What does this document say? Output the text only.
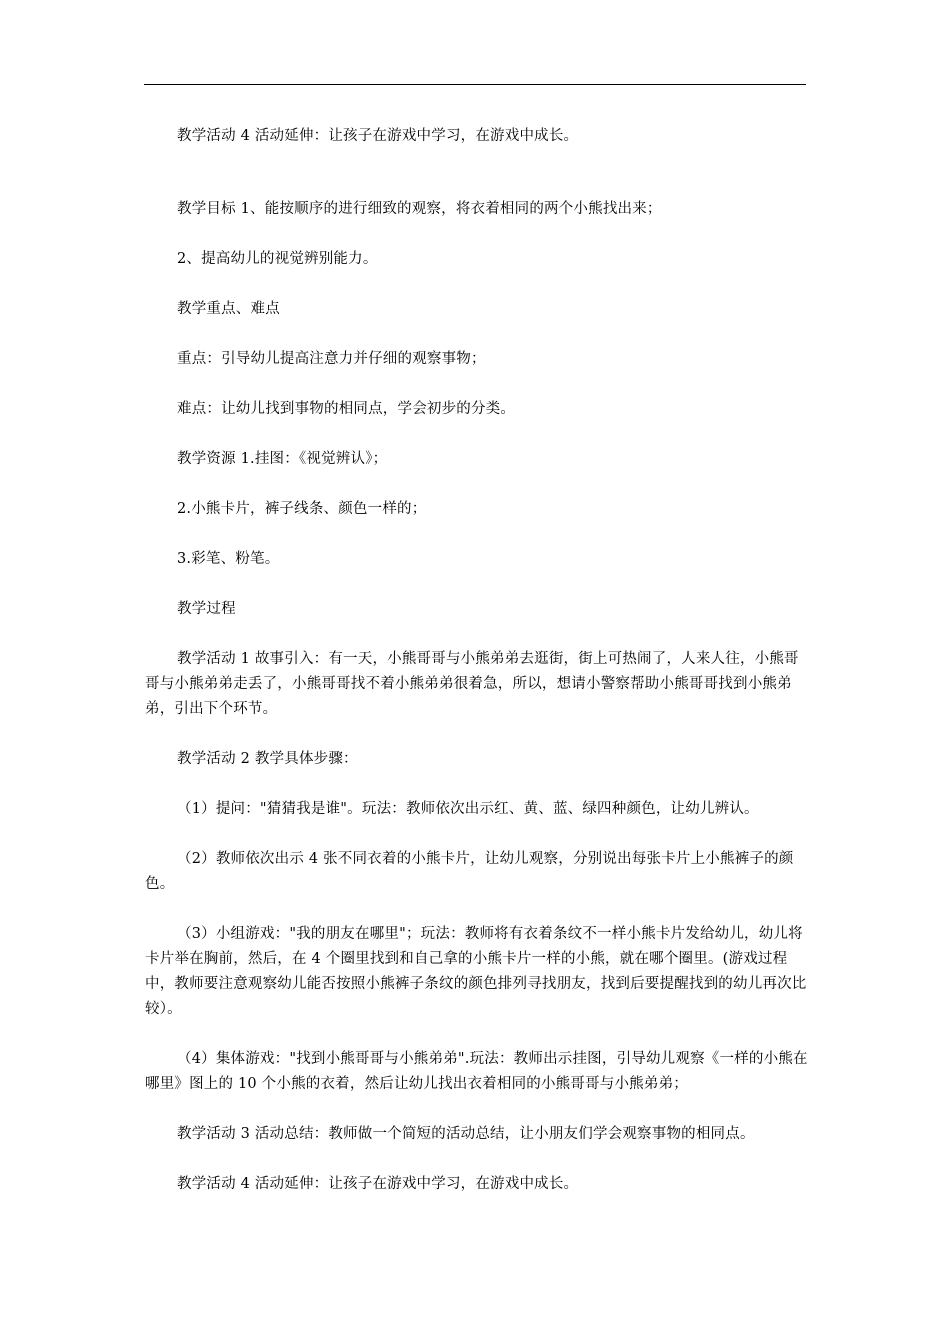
教学活动 4 活动延伸：让孩子在游戏中学习，在游戏中成长。

教学目标 1、能按顺序的进行细致的观察，将衣着相同的两个小熊找出来；

2、提高幼儿的视觉辨别能力。

教学重点、难点

重点：引导幼儿提高注意力并仔细的观察事物；

难点：让幼儿找到事物的相同点，学会初步的分类。

教学资源 1.挂图：《视觉辨认》；

2.小熊卡片，裤子线条、颜色一样的；

3.彩笔、粉笔。

教学过程

教学活动 1 故事引入：有一天，小熊哥哥与小熊弟弟去逛街，街上可热闹了，人来人往，小熊哥哥与小熊弟弟走丢了，小熊哥哥找不着小熊弟弟很着急，所以，想请小警察帮助小熊哥哥找到小熊弟弟，引出下个环节。

教学活动 2 教学具体步骤：

（1）提问："猜猜我是谁"。玩法：教师依次出示红、黄、蓝、绿四种颜色，让幼儿辨认。

（2）教师依次出示 4 张不同衣着的小熊卡片，让幼儿观察，分别说出每张卡片上小熊裤子的颜色。

（3）小组游戏："我的朋友在哪里"；玩法：教师将有衣着条纹不一样小熊卡片发给幼儿，幼儿将卡片举在胸前，然后，在 4 个圈里找到和自己拿的小熊卡片一样的小熊，就在哪个圈里。(游戏过程中，教师要注意观察幼儿能否按照小熊裤子条纹的颜色排列寻找朋友，找到后要提醒找到的幼儿再次比较）。

（4）集体游戏："找到小熊哥哥与小熊弟弟".玩法：教师出示挂图，引导幼儿观察《一样的小熊在哪里》图上的 10 个小熊的衣着，然后让幼儿找出衣着相同的小熊哥哥与小熊弟弟；

教学活动 3 活动总结：教师做一个简短的活动总结，让小朋友们学会观察事物的相同点。

教学活动 4 活动延伸：让孩子在游戏中学习，在游戏中成长。
